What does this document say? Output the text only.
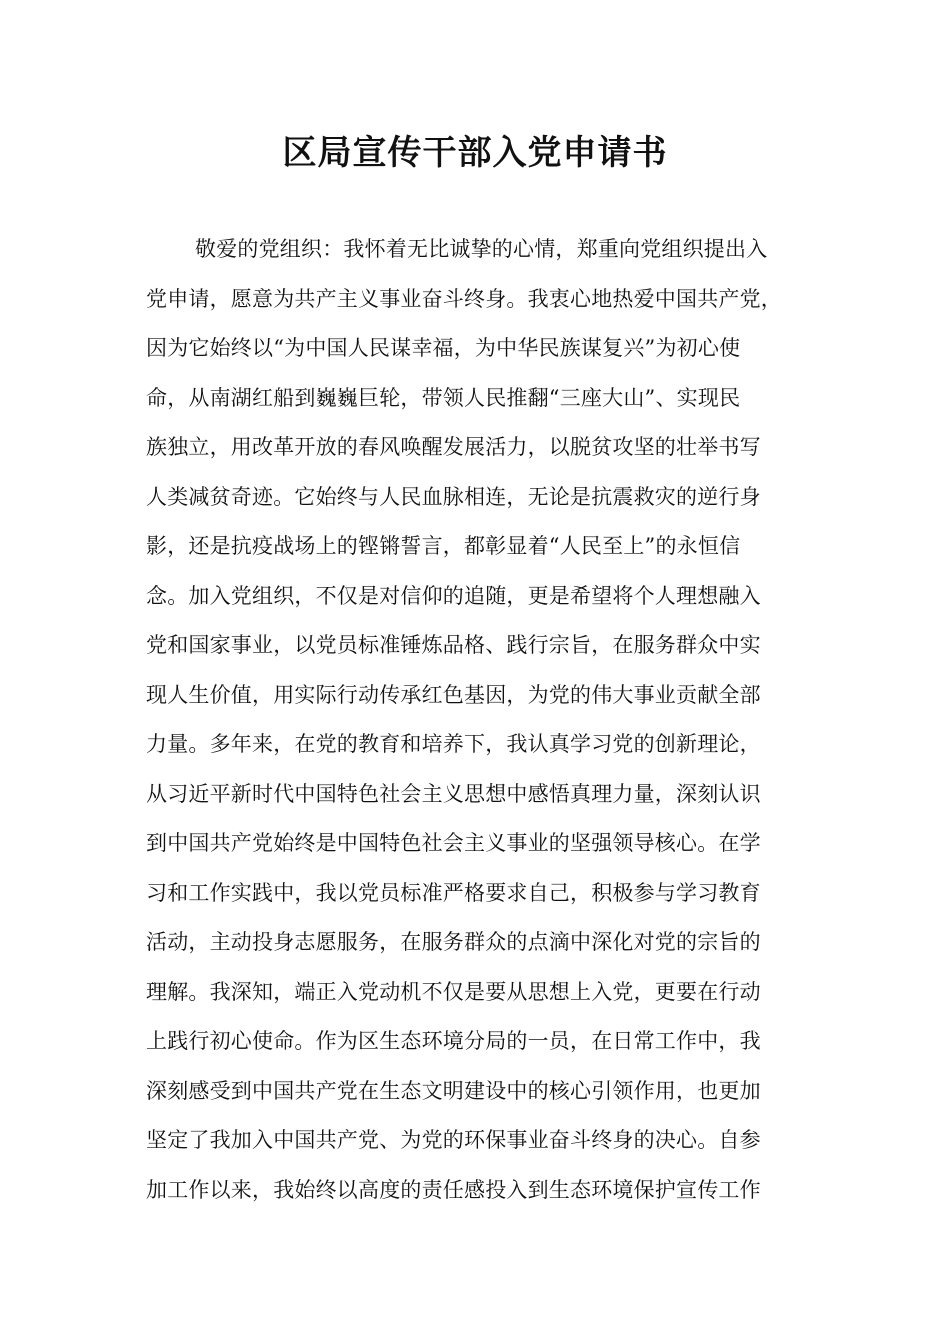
区局宣传干部入党申请书
敬爱的党组织：我怀着无比诚挚的心情，郑重向党组织提出入
党申请，愿意为共产主义事业奋斗终身。我衷心地热爱中国共产党，
因为它始终以“为中国人民谋幸福，为中华民族谋复兴”为初心使
命，从南湖红船到巍巍巨轮，带领人民推翻“三座大山”、实现民
族独立，用改革开放的春风唤醒发展活力，以脱贫攻坚的壮举书写
人类减贫奇迹。它始终与人民血脉相连，无论是抗震救灾的逆行身
影，还是抗疫战场上的铿锵誓言，都彰显着“人民至上”的永恒信
念。加入党组织，不仅是对信仰的追随，更是希望将个人理想融入
党和国家事业，以党员标准锤炼品格、践行宗旨，在服务群众中实
现人生价值，用实际行动传承红色基因，为党的伟大事业贡献全部
力量。多年来，在党的教育和培养下，我认真学习党的创新理论，
从习近平新时代中国特色社会主义思想中感悟真理力量，深刻认识
到中国共产党始终是中国特色社会主义事业的坚强领导核心。在学
习和工作实践中，我以党员标准严格要求自己，积极参与学习教育
活动，主动投身志愿服务，在服务群众的点滴中深化对党的宗旨的
理解。我深知，端正入党动机不仅是要从思想上入党，更要在行动
上践行初心使命。作为区生态环境分局的一员，在日常工作中，我
深刻感受到中国共产党在生态文明建设中的核心引领作用，也更加
坚定了我加入中国共产党、为党的环保事业奋斗终身的决心。自参
加工作以来，我始终以高度的责任感投入到生态环境保护宣传工作
